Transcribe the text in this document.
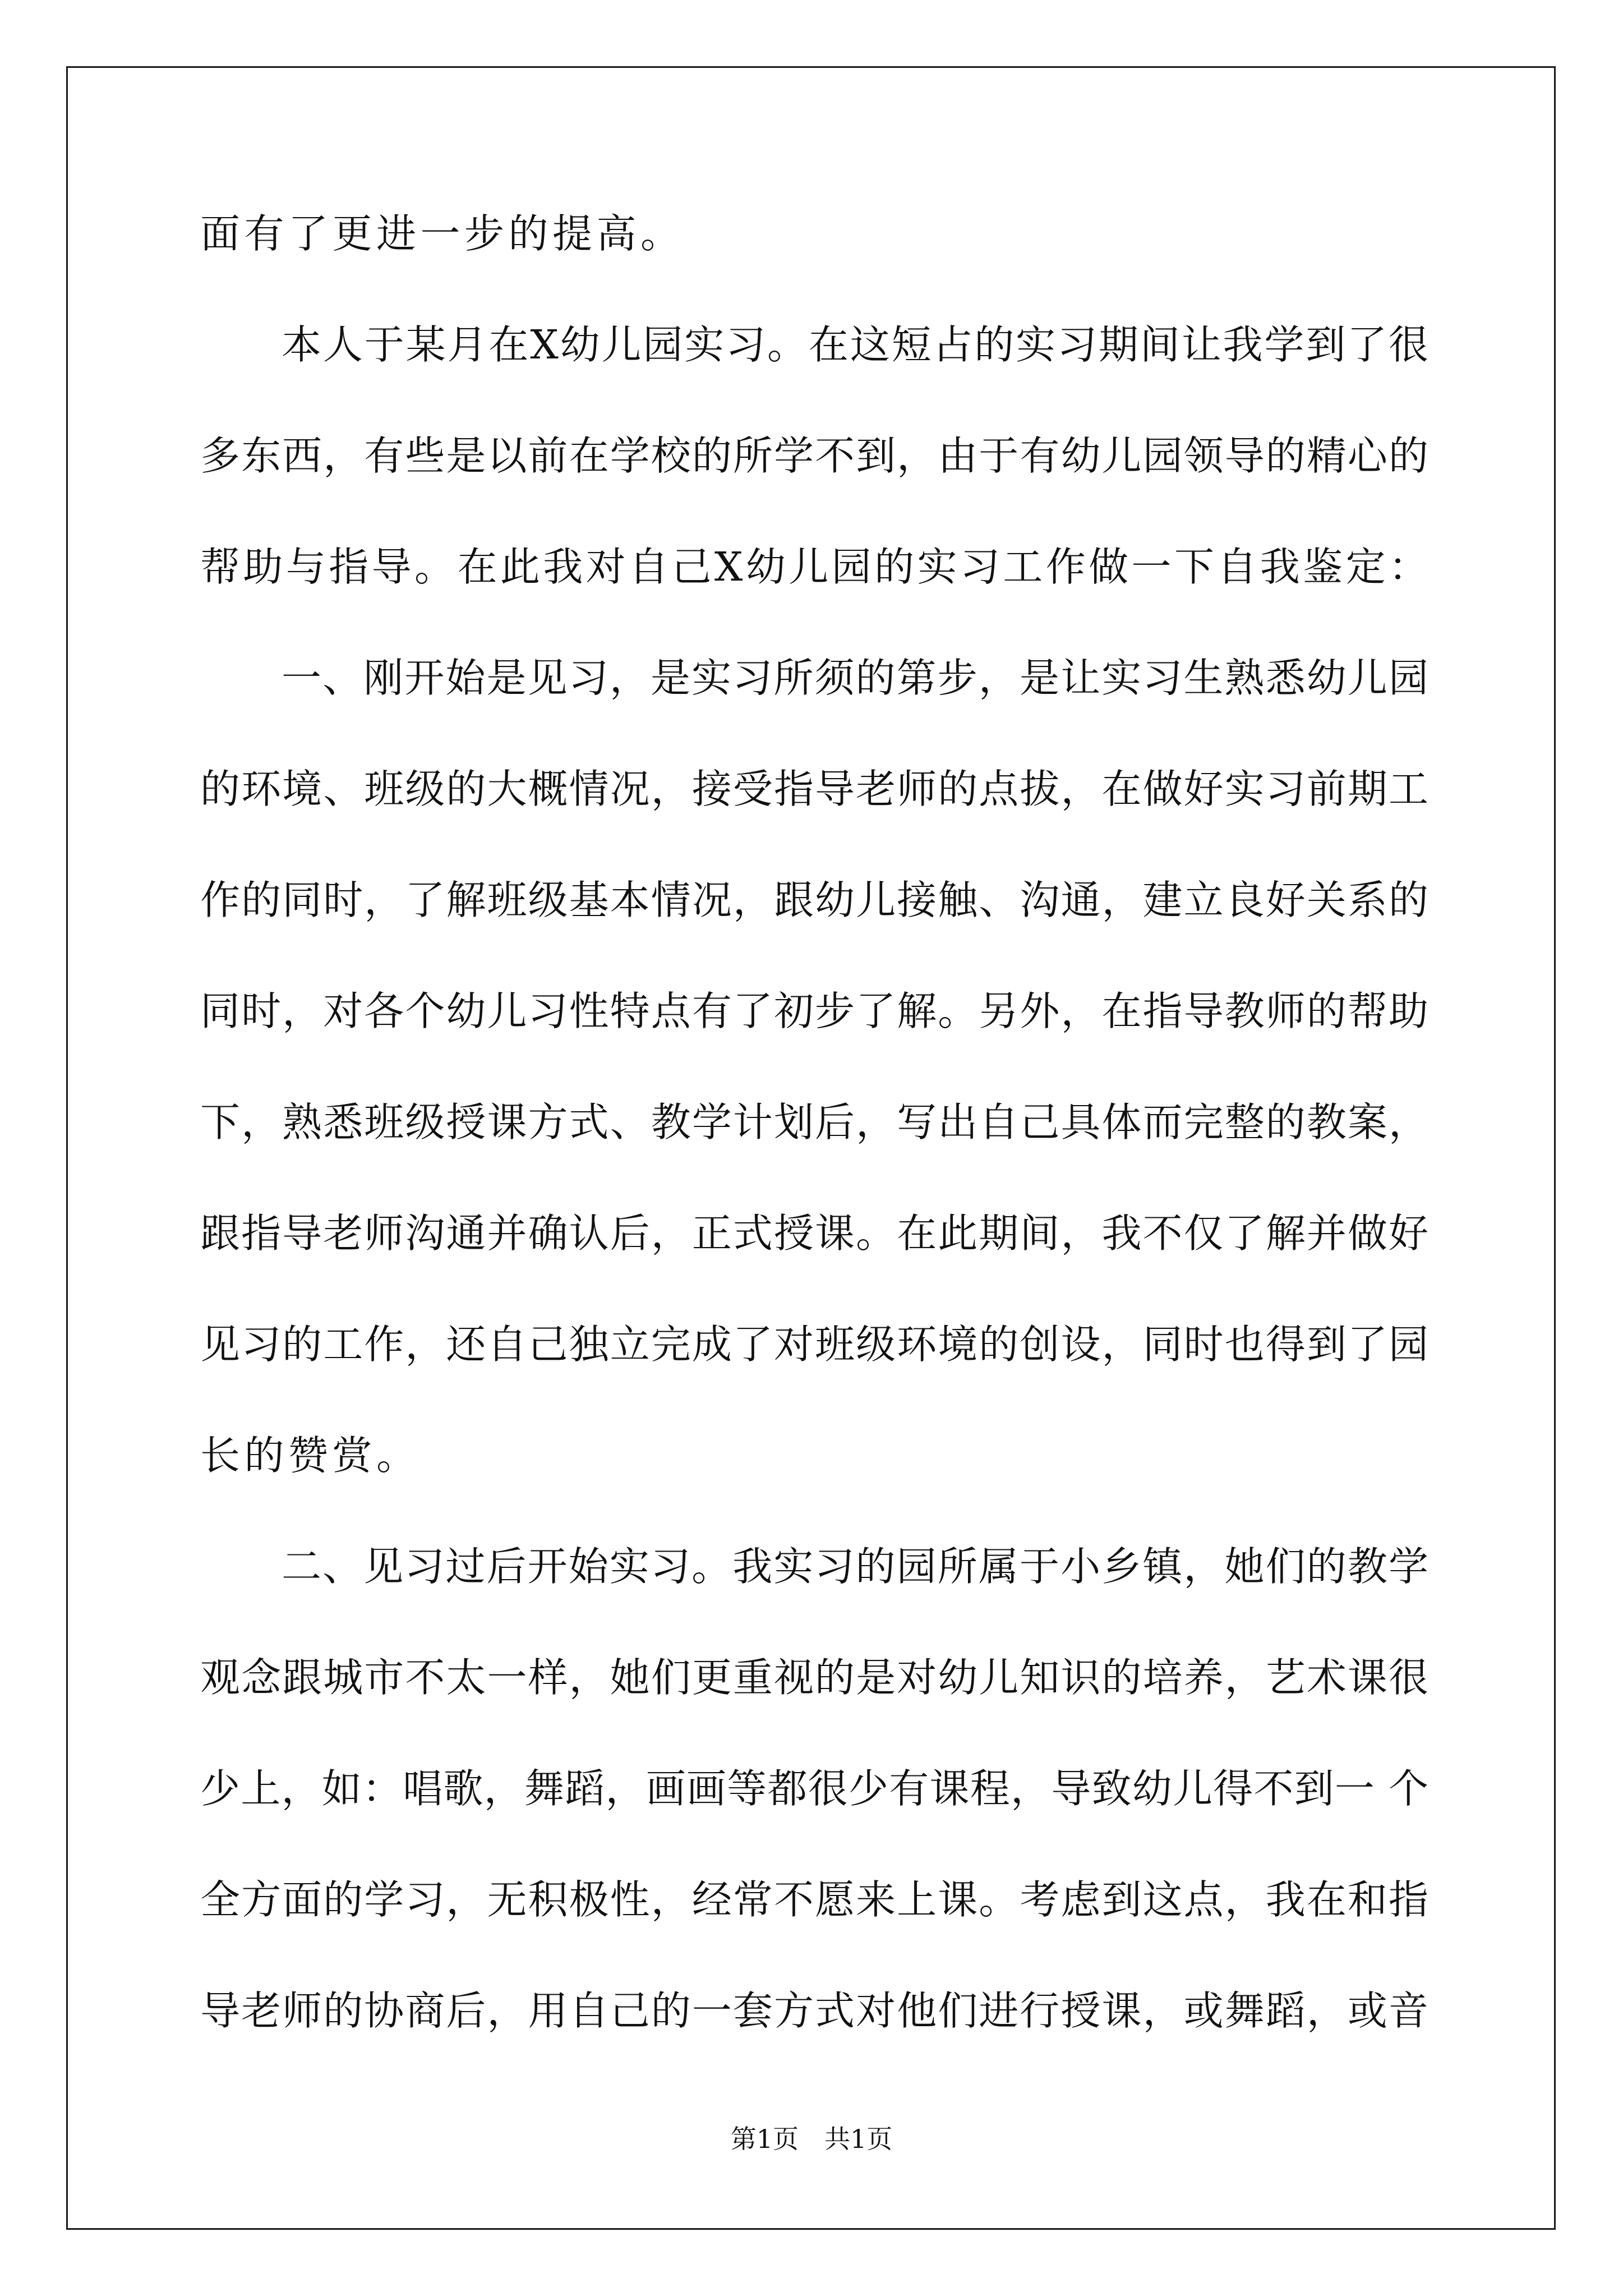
面有了更进一步的提高。
本人于某月在X幼儿园实习。在这短占的实习期间让我学到了很
多东西，有些是以前在学校的所学不到，由于有幼儿园领导的精心的
帮助与指导。在此我对自己X幼儿园的实习工作做一下自我鉴定：
一、刚开始是见习，是实习所须的第步，是让实习生熟悉幼儿园
的环境、班级的大概情况，接受指导老师的点拔，在做好实习前期工
作的同时，了解班级基本情况，跟幼儿接触、沟通，建立良好关系的
同时，对各个幼儿习性特点有了初步了解。另外，在指导教师的帮助
下，熟悉班级授课方式、教学计划后，写出自己具体而完整的教案，
跟指导老师沟通并确认后，正式授课。在此期间，我不仅了解并做好
见习的工作，还自己独立完成了对班级环境的创设，同时也得到了园
长的赞赏。
二、见习过后开始实习。我实习的园所属于小乡镇，她们的教学
观念跟城市不太一样，她们更重视的是对幼儿知识的培养，艺术课很
少上，如：唱歌，舞蹈，画画等都很少有课程，导致幼儿得不到一 个
全方面的学习，无积极性，经常不愿来上课。考虑到这点，我在和指
导老师的协商后，用自己的一套方式对他们进行授课，或舞蹈，或音
第1页　共1页
